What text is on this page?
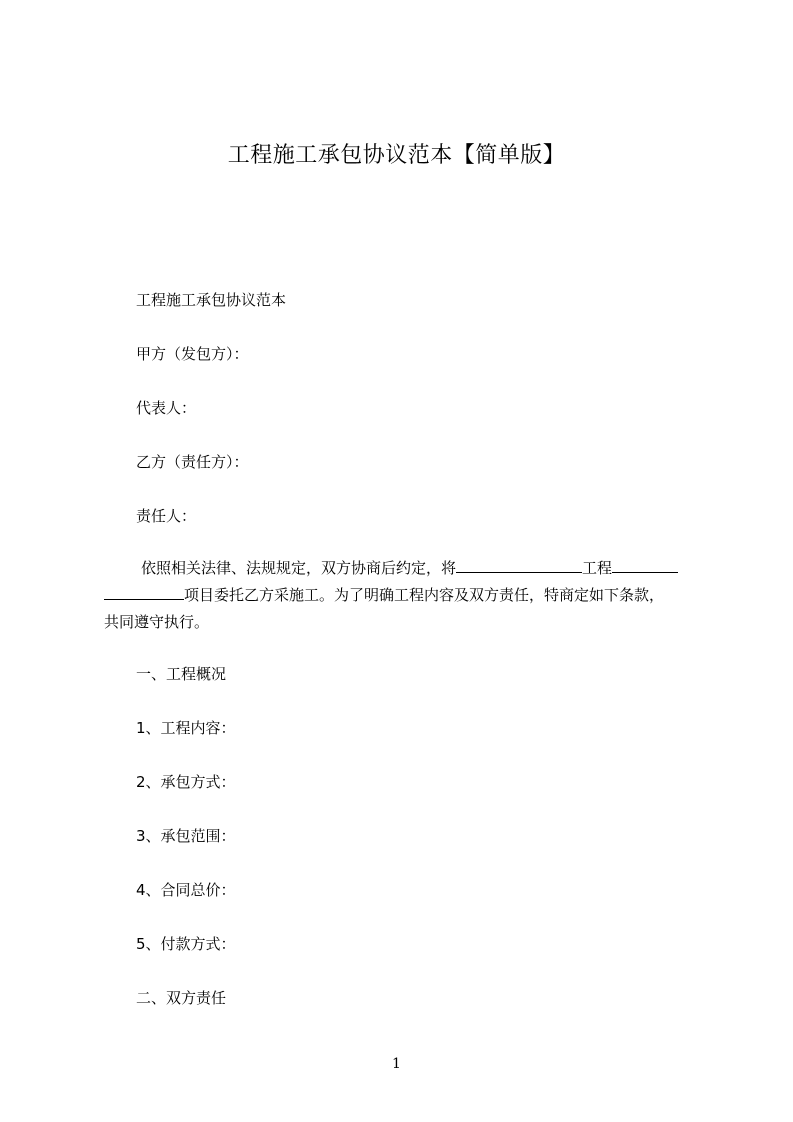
工程施工承包协议范本【简单版】
工程施工承包协议范本
甲方（发包方）：
代表人：
乙方（责任方）：
责任人：
依照相关法律、法规规定，双方协商后约定，将	工程
项目委托乙方采施工。为了明确工程内容及双方责任，特商定如下条款，
共同遵守执行。
一、工程概况
1、工程内容：
2、承包方式：
3、承包范围：
4、合同总价：
5、付款方式：
二、双方责任
1
